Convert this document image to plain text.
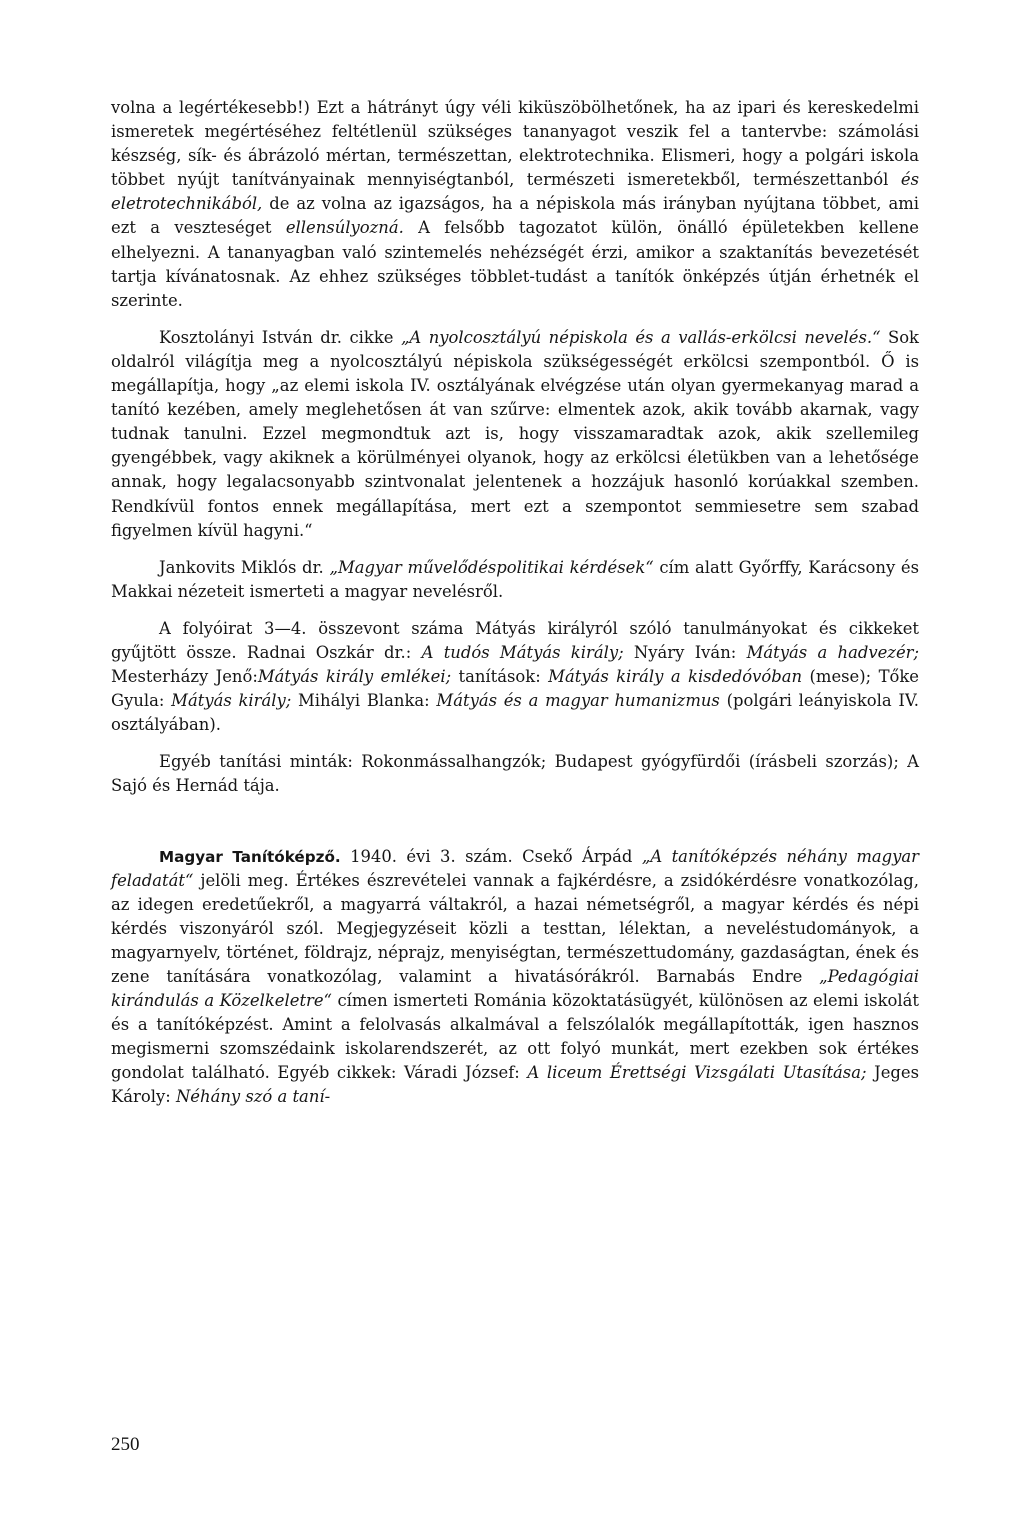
volna a legértékesebb!) Ezt a hátrányt úgy véli kiküszöbölhetőnek, ha az ipari és kereskedelmi ismeretek megértéséhez feltétlenül szükséges tananyagot veszik fel a tantervbe: számolási készség, sík- és ábrázoló mértan, természettan, elektrotechnika. Elismeri, hogy a polgári iskola többet nyújt tanítványainak mennyiségtanból, természeti ismeretekből, természettanból és eletrotechnikából, de az volna az igazságos, ha a népiskola más irányban nyújtana többet, ami ezt a veszteséget ellensúlyozná. A felsőbb tagozatot külön, önálló épületekben kellene elhelyezni. A tananyagban való szintemelés nehézségét érzi, amikor a szaktanítás bevezetését tartja kívánatosnak. Az ehhez szükséges többlet-tudást a tanítók önképzés útján érhetnék el szerinte.

Kosztolányi István dr. cikke „A nyolcosztályú népiskola és a vallás-erkölcsi nevelés.“ Sok oldalról világítja meg a nyolcosztályú népiskola szükségességét erkölcsi szempontból. Ő is megállapítja, hogy „az elemi iskola IV. osztályának elvégzése után olyan gyermekanyag marad a tanító kezében, amely meglehetősen át van szűrve: elmentek azok, akik tovább akarnak, vagy tudnak tanulni. Ezzel megmondtuk azt is, hogy visszamaradtak azok, akik szellemileg gyengébbek, vagy akiknek a körülményei olyanok, hogy az erkölcsi életükben van a lehetősége annak, hogy legalacsonyabb szintvonalat jelentenek a hozzájuk hasonló korúakkal szemben. Rendkívül fontos ennek megállapítása, mert ezt a szempontot semmiesetre sem szabad figyelmen kívül hagyni.“

Jankovits Miklós dr. „Magyar művelődéspolitikai kérdések“ cím alatt Győrffy, Karácsony és Makkai nézeteit ismerteti a magyar nevelésről.

A folyóirat 3—4. összevont száma Mátyás királyról szóló tanulmányokat és cikkeket gyűjtött össze. Radnai Oszkár dr.: A tudós Mátyás király; Nyáry Iván: Mátyás a hadvezér; Mesterházy Jenő:Mátyás király emlékei; tanítások: Mátyás király a kisdedóvóban (mese); Tőke Gyula: Mátyás király; Mihályi Blanka: Mátyás és a magyar humanizmus (polgári leányiskola IV. osztályában).

Egyéb tanítási minták: Rokonmássalhangzók; Budapest gyógyfürdői (írásbeli szorzás); A Sajó és Hernád tája.

Magyar Tanítóképző. 1940. évi 3. szám. Csekő Árpád „A tanítóképzés néhány magyar feladatát“ jelöli meg. Értékes észrevételei vannak a fajkérdésre, a zsidókérdésre vonatkozólag, az idegen eredetűekről, a magyarrá váltakról, a hazai németségről, a magyar kérdés és népi kérdés viszonyáról szól. Megjegyzéseit közli a testtan, lélektan, a neveléstudományok, a magyarnyelv, történet, földrajz, néprajz, menyiségtan, természettudomány, gazdaságtan, ének és zene tanítására vonatkozólag, valamint a hivatásórákról. Barnabás Endre „Pedagógiai kirándulás a Közelkeletre“ címen ismerteti Románia közoktatásügyét, különösen az elemi iskolát és a tanítóképzést. Amint a felolvasás alkalmával a felszólalók megállapították, igen hasznos megismerni szomszédaink iskolarendszerét, az ott folyó munkát, mert ezekben sok értékes gondolat található. Egyéb cikkek: Váradi József: A liceum Érettségi Vizsgálati Utasítása; Jeges Károly: Néhány szó a taní-

250
